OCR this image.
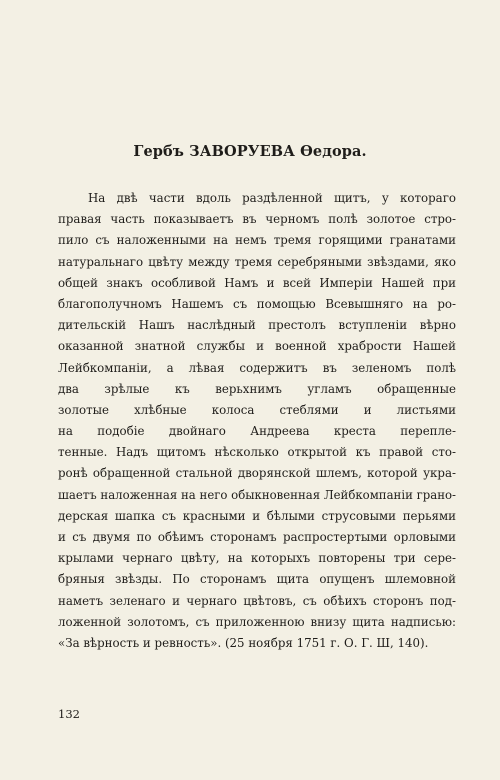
Гербъ ЗАВОРУЕВА Өедора.
На двѣ части вдоль раздѣленной щитъ, у котораго
правая часть показываетъ въ черномъ полѣ золотое стро-
пило съ наложенными на немъ тремя горящими гранатами
натуральнаго цвѣту между тремя серебряными звѣздами, яко
общей знакъ особливой Намъ и всей Имперіи Нашей при
благополучномъ Нашемъ съ помощью Всевышняго на ро-
дительскій Нашъ наслѣдный престолъ вступленіи вѣрно
оказанной знатной службы и военной храбрости Нашей
Лейбкомпаніи, а лѣвая содержитъ въ зеленомъ полѣ
два зрѣлые къ верьхнимъ угламъ обращенные
золотые хлѣбные колоса стеблями и листьями
на подобіе двойнаго Андреева креста перепле-
тенные. Надъ щитомъ нѣсколько открытой къ правой сто-
ронѣ обращенной стальной дворянской шлемъ, которой укра-
шаетъ наложенная на него обыкновенная Лейбкомпаніи грано-
дерская шапка съ красными и бѣлыми струсовыми перьями
и съ двумя по обѣимъ сторонамъ распростертыми орловыми
крылами чернаго цвѣту, на которыхъ повторены три сере-
бряныя звѣзды. По сторонамъ щита опущенъ шлемовной
наметъ зеленаго и чернаго цвѣтовъ, съ обѣихъ сторонъ под-
ложенной золотомъ, съ приложенною внизу щита надписью:
«За вѣрность и ревность». (25 ноября 1751 г. О. Г. Ш, 140).
132
